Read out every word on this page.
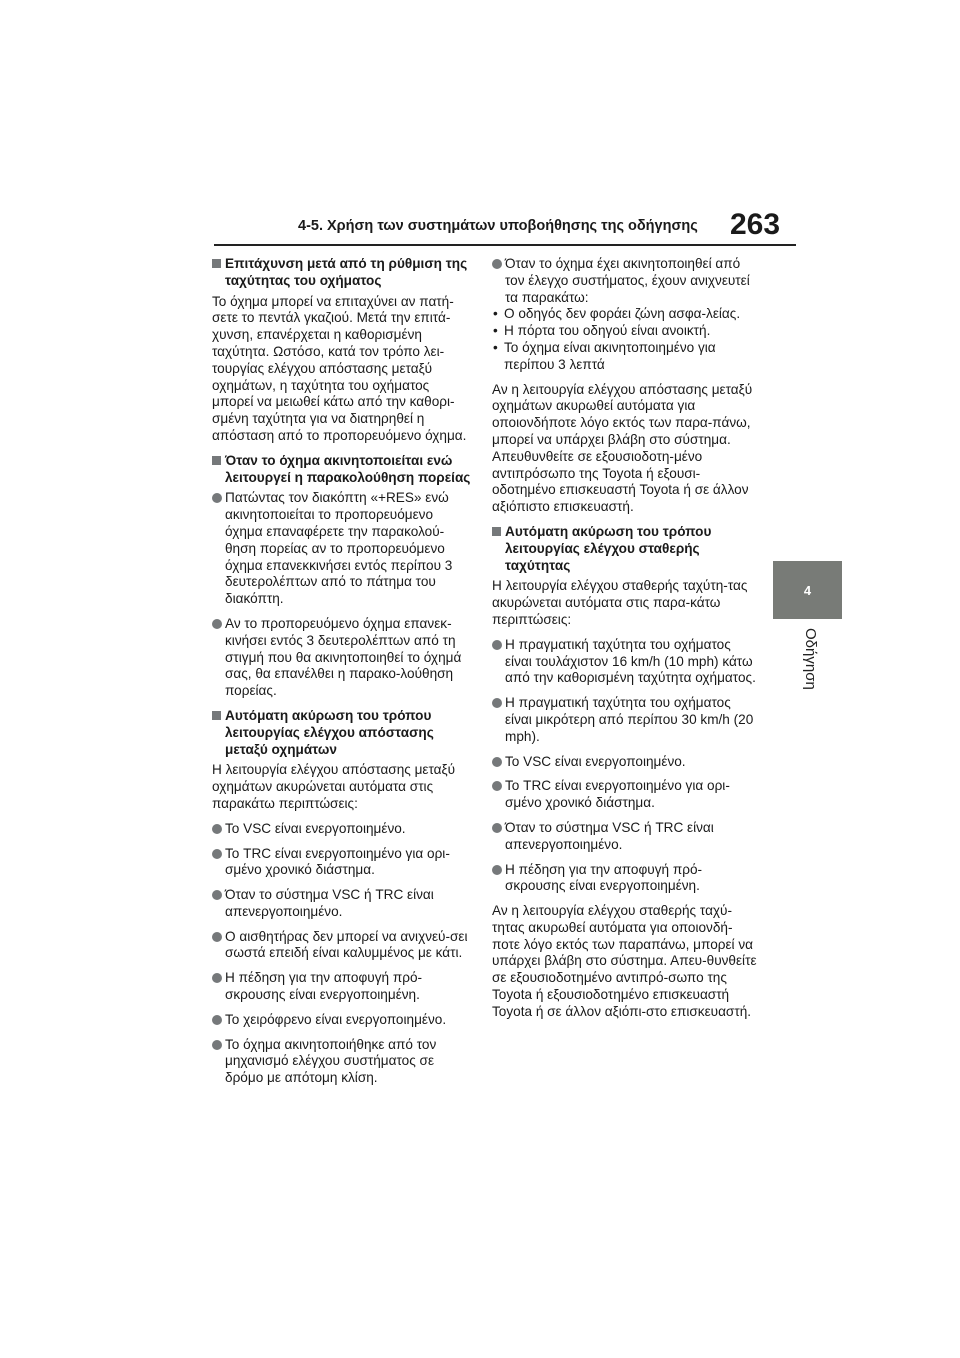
4-5. Χρήση των συστημάτων υποβοήθησης της οδήγησης 263
4
Οδήγηση
Επιτάχυνση μετά από τη ρύθμιση της ταχύτητας του οχήματος

Το όχημα μπορεί να επιταχύνει αν πατή-σετε το πεντάλ γκαζιού. Μετά την επιτά-χυνση, επανέρχεται η καθορισμένη ταχύτητα. Ωστόσο, κατά τον τρόπο λει-τουργίας ελέγχου απόστασης μεταξύ οχημάτων, η ταχύτητα του οχήματος μπορεί να μειωθεί κάτω από την καθορι-σμένη ταχύτητα για να διατηρηθεί η απόσταση από το προπορευόμενο όχημα.

Όταν το όχημα ακινητοποιείται ενώ λειτουργεί η παρακολούθηση πορείας
Πατώντας τον διακόπτη «+RES» ενώ ακινητοποιείται το προπορευόμενο όχημα επαναφέρετε την παρακολού-θηση πορείας αν το προπορευόμενο όχημα επανεκκινήσει εντός περίπου 3 δευτερολέπτων από το πάτημα του διακόπτη.
Αν το προπορευόμενο όχημα επανεκ-κινήσει εντός 3 δευτερολέπτων από τη στιγμή που θα ακινητοποιηθεί το όχημά σας, θα επανέλθει η παρακο-λούθηση πορείας.
Αυτόματη ακύρωση του τρόπου λειτουργίας ελέγχου απόστασης μεταξύ οχημάτων

Η λειτουργία ελέγχου απόστασης μεταξύ οχημάτων ακυρώνεται αυτόματα στις παρακάτω περιπτώσεις:

Το VSC είναι ενεργοποιημένο.
Το TRC είναι ενεργοποιημένο για ορι-σμένο χρονικό διάστημα.
Όταν το σύστημα VSC ή TRC είναι απενεργοποιημένο.
Ο αισθητήρας δεν μπορεί να ανιχνεύ-σει σωστά επειδή είναι καλυμμένος με κάτι.
Η πέδηση για την αποφυγή πρό-σκρουσης είναι ενεργοποιημένη.
Το χειρόφρενο είναι ενεργοποιημένο.
Το όχημα ακινητοποιήθηκε από τον μηχανισμό ελέγχου συστήματος σε δρόμο με απότομη κλίση.
Όταν το όχημα έχει ακινητοποιηθεί από τον έλεγχο συστήματος, έχουν ανιχνευτεί τα παρακάτω:
• Ο οδηγός δεν φοράει ζώνη ασφα-λείας.
• Η πόρτα του οδηγού είναι ανοικτή.
• Το όχημα είναι ακινητοποιημένο για περίπου 3 λεπτά

Αν η λειτουργία ελέγχου απόστασης μεταξύ οχημάτων ακυρωθεί αυτόματα για οποιονδήποτε λόγο εκτός των παρα-πάνω, μπορεί να υπάρχει βλάβη στο σύστημα. Απευθυνθείτε σε εξουσιοδοτη-μένο αντιπρόσωπο της Toyota ή εξουσι-οδοτημένο επισκευαστή Toyota ή σε άλλον αξιόπιστο επισκευαστή.

Αυτόματη ακύρωση του τρόπου λειτουργίας ελέγχου σταθερής ταχύτητας

Η λειτουργία ελέγχου σταθερής ταχύτη-τας ακυρώνεται αυτόματα στις παρα-κάτω περιπτώσεις:

Η πραγματική ταχύτητα του οχήματος είναι τουλάχιστον 16 km/h (10 mph) κάτω από την καθορισμένη ταχύτητα οχήματος.
Η πραγματική ταχύτητα του οχήματος είναι μικρότερη από περίπου 30 km/h (20 mph).
Το VSC είναι ενεργοποιημένο.
Το TRC είναι ενεργοποιημένο για ορι-σμένο χρονικό διάστημα.
Όταν το σύστημα VSC ή TRC είναι απενεργοποιημένο.
Η πέδηση για την αποφυγή πρό-σκρουσης είναι ενεργοποιημένη.

Αν η λειτουργία ελέγχου σταθερής ταχύ-τητας ακυρωθεί αυτόματα για οποιονδή-ποτε λόγο εκτός των παραπάνω, μπορεί να υπάρχει βλάβη στο σύστημα. Απευ-θυνθείτε σε εξουσιοδοτημένο αντιπρό-σωπο της Toyota ή εξουσιοδοτημένο επισκευαστή Toyota ή σε άλλον αξιόπι-στο επισκευαστή.
